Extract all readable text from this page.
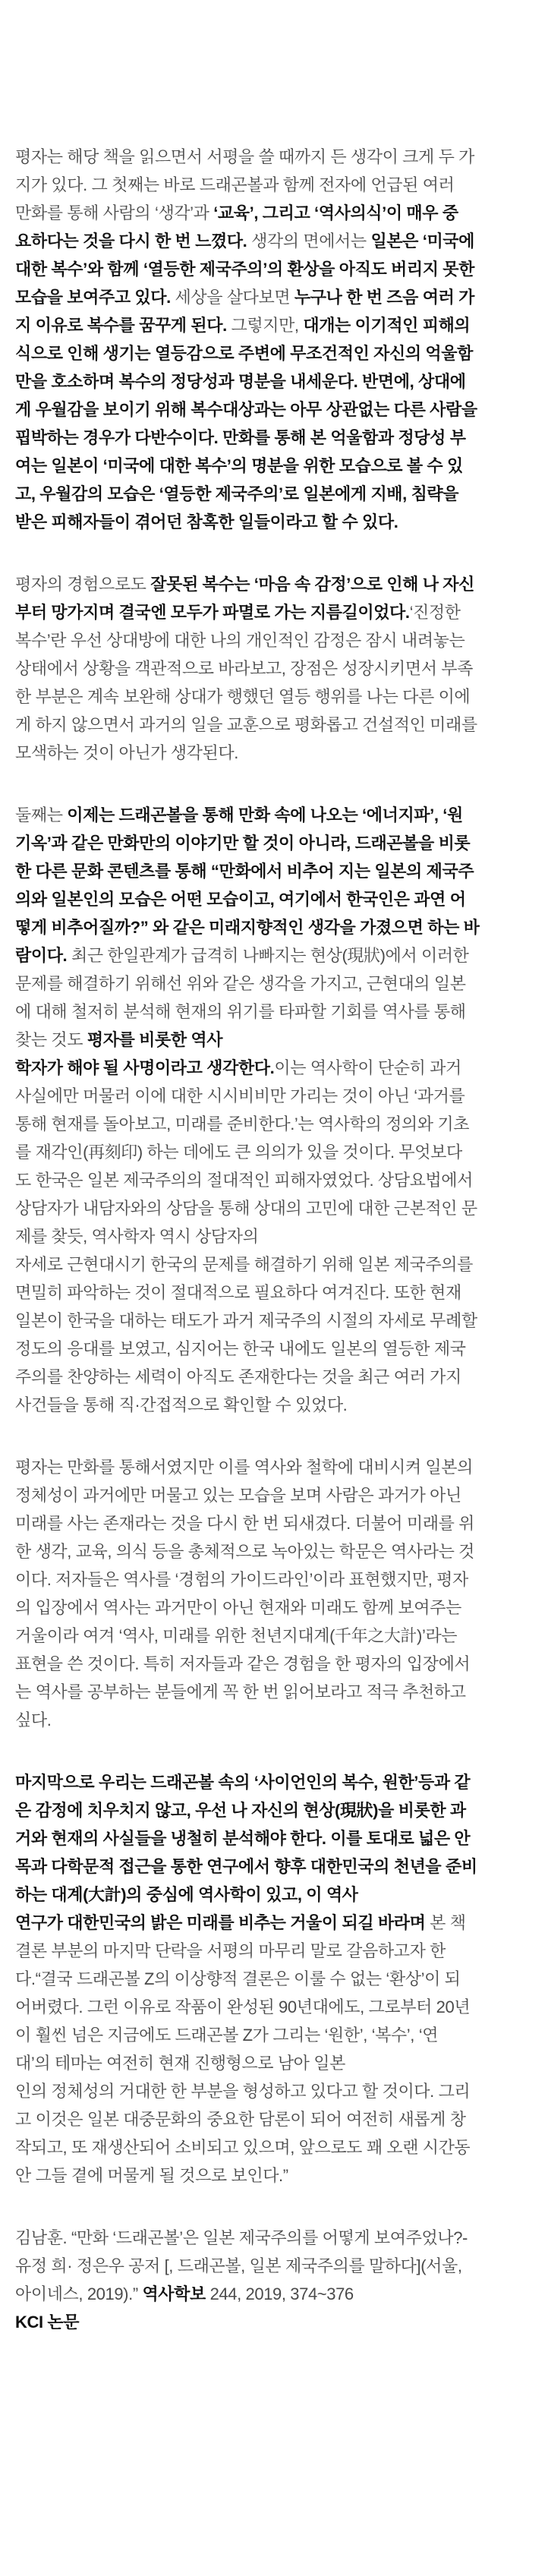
평자는 해당 책을 읽으면서 서평을 쓸 때까지 든 생각이 크게 두 가
지가 있다. 그 첫째는 바로 드래곤볼과 함께 전자에 언급된 여러
만화를 통해 사람의 ‘생각’과 ‘교육’, 그리고 ‘역사의식’이 매우 중
요하다는 것을 다시 한 번 느꼈다. 생각의 면에서는 일본은 ‘미국에
대한 복수’와 함께 ‘열등한 제국주의’의 환상을 아직도 버리지 못한
모습을 보여주고 있다. 세상을 살다보면 누구나 한 번 즈음 여러 가
지 이유로 복수를 꿈꾸게 된다. 그렇지만, 대개는 이기적인 피해의
식으로 인해 생기는 열등감으로 주변에 무조건적인 자신의 억울함
만을 호소하며 복수의 정당성과 명분을 내세운다. 반면에, 상대에
게 우월감을 보이기 위해 복수대상과는 아무 상관없는 다른 사람을
핍박하는 경우가 다반수이다. 만화를 통해 본 억울함과 정당성 부
여는 일본이 ‘미국에 대한 복수’의 명분을 위한 모습으로 볼 수 있
고, 우월감의 모습은 ‘열등한 제국주의’로 일본에게 지배, 침략을
받은 피해자들이 겪어던 참혹한 일들이라고 할 수 있다.
평자의 경험으로도 잘못된 복수는 ‘마음 속 감정’으로 인해 나 자신
부터 망가지며 결국엔 모두가 파멸로 가는 지름길이었다.‘진정한
복수’란 우선 상대방에 대한 나의 개인적인 감정은 잠시 내려놓는
상태에서 상황을 객관적으로 바라보고, 장점은 성장시키면서 부족
한 부분은 계속 보완해 상대가 행했던 열등 행위를 나는 다른 이에
게 하지 않으면서 과거의 일을 교훈으로 평화롭고 건설적인 미래를
모색하는 것이 아닌가 생각된다.
둘째는 이제는 드래곤볼을 통해 만화 속에 나오는 ‘에너지파’, ‘원
기옥’과 같은 만화만의 이야기만 할 것이 아니라, 드래곤볼을 비롯
한 다른 문화 콘텐츠를 통해 “만화에서 비추어 지는 일본의 제국주
의와 일본인의 모습은 어떤 모습이고, 여기에서 한국인은 과연 어
떻게 비추어질까?” 와 같은 미래지향적인 생각을 가졌으면 하는 바
람이다. 최근 한일관계가 급격히 나빠지는 현상(現狀)에서 이러한
문제를 해결하기 위해선 위와 같은 생각을 가지고, 근현대의 일본
에 대해 철저히 분석해 현재의 위기를 타파할 기회를 역사를 통해
찾는 것도 평자를 비롯한 역사
학자가 해야 될 사명이라고 생각한다.이는 역사학이 단순히 과거
사실에만 머물러 이에 대한 시시비비만 가리는 것이 아닌 ‘과거를
통해 현재를 돌아보고, 미래를 준비한다.’는 역사학의 정의와 기초
를 재각인(再刻印) 하는 데에도 큰 의의가 있을 것이다. 무엇보다
도 한국은 일본 제국주의의 절대적인 피해자였었다. 상담요법에서
상담자가 내담자와의 상담을 통해 상대의 고민에 대한 근본적인 문
제를 찾듯, 역사학자 역시 상담자의
자세로 근현대시기 한국의 문제를 해결하기 위해 일본 제국주의를
면밀히 파악하는 것이 절대적으로 필요하다 여겨진다. 또한 현재
일본이 한국을 대하는 태도가 과거 제국주의 시절의 자세로 무례할
정도의 응대를 보였고, 심지어는 한국 내에도 일본의 열등한 제국
주의를 찬양하는 세력이 아직도 존재한다는 것을 최근 여러 가지
사건들을 통해 직·간접적으로 확인할 수 있었다.
평자는 만화를 통해서였지만 이를 역사와 철학에 대비시켜 일본의
정체성이 과거에만 머물고 있는 모습을 보며 사람은 과거가 아닌
미래를 사는 존재라는 것을 다시 한 번 되새겼다. 더불어 미래를 위
한 생각, 교육, 의식 등을 총체적으로 녹아있는 학문은 역사라는 것
이다. 저자들은 역사를 ‘경험의 가이드라인’이라 표현했지만, 평자
의 입장에서 역사는 과거만이 아닌 현재와 미래도 함께 보여주는
거울이라 여겨 ‘역사, 미래를 위한 천년지대계(千年之大計)’라는
표현을 쓴 것이다. 특히 저자들과 같은 경험을 한 평자의 입장에서
는 역사를 공부하는 분들에게 꼭 한 번 읽어보라고 적극 추천하고
싶다.
마지막으로 우리는 드래곤볼 속의 ‘사이언인의 복수, 원한’등과 같
은 감정에 치우치지 않고, 우선 나 자신의 현상(現狀)을 비롯한 과
거와 현재의 사실들을 냉철히 분석해야 한다. 이를 토대로 넓은 안
목과 다학문적 접근을 통한 연구에서 향후 대한민국의 천년을 준비
하는 대계(大計)의 중심에 역사학이 있고, 이 역사
연구가 대한민국의 밝은 미래를 비추는 거울이 되길 바라며 본 책
결론 부분의 마지막 단락을 서평의 마무리 말로 갈음하고자 한
다.“결국 드래곤볼 Z의 이상향적 결론은 이룰 수 없는 ‘환상’이 되
어버렸다. 그런 이유로 작품이 완성된 90년대에도, 그로부터 20년
이 훨씬 넘은 지금에도 드래곤볼 Z가 그리는 ‘원한’, ‘복수’, ‘연
대’의 테마는 여전히 현재 진행형으로 남아 일본
인의 정체성의 거대한 한 부분을 형성하고 있다고 할 것이다. 그리
고 이것은 일본 대중문화의 중요한 담론이 되어 여전히 새롭게 창
작되고, 또 재생산되어 소비되고 있으며, 앞으로도 꽤 오랜 시간동
안 그들 곁에 머물게 될 것으로 보인다.”
김남훈. “만화 ‘드래곤볼’은 일본 제국주의를 어떻게 보여주었나?-
유정 희· 정은우 공저 [, 드래곤볼, 일본 제국주의를 말하다](서울,
아이네스, 2019).” 역사학보 244, 2019, 374~376
KCI 논문
